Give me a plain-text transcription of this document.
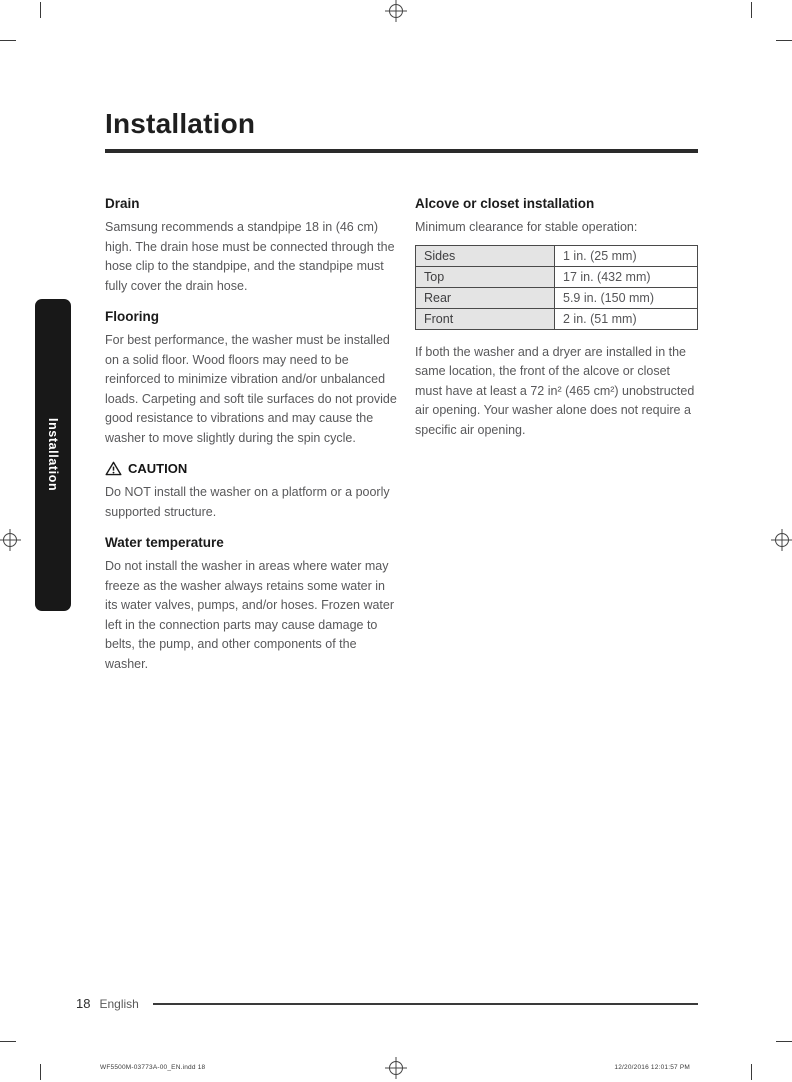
Installation
Installation
Drain

Samsung recommends a standpipe 18 in (46 cm) high. The drain hose must be connected through the hose clip to the standpipe, and the standpipe must fully cover the drain hose.

Flooring

For best performance, the washer must be installed on a solid floor. Wood floors may need to be reinforced to minimize vibration and/or unbalanced loads. Carpeting and soft tile surfaces do not provide good resistance to vibrations and may cause the washer to move slightly during the spin cycle.

CAUTION

Do NOT install the washer on a platform or a poorly supported structure.

Water temperature

Do not install the washer in areas where water may freeze as the washer always retains some water in its water valves, pumps, and/or hoses. Frozen water left in the connection parts may cause damage to belts, the pump, and other components of the washer.

Alcove or closet installation

Minimum clearance for stable operation:

Sides	1 in. (25 mm)
Top	17 in. (432 mm)
Rear	5.9 in. (150 mm)
Front	2 in. (51 mm)

If both the washer and a dryer are installed in the same location, the front of the alcove or closet must have at least a 72 in² (465 cm²) unobstructed air opening. Your washer alone does not require a specific air opening.

18 English
WF5500M-03773A-00_EN.indd 18	12/20/2016 12:01:57 PM
